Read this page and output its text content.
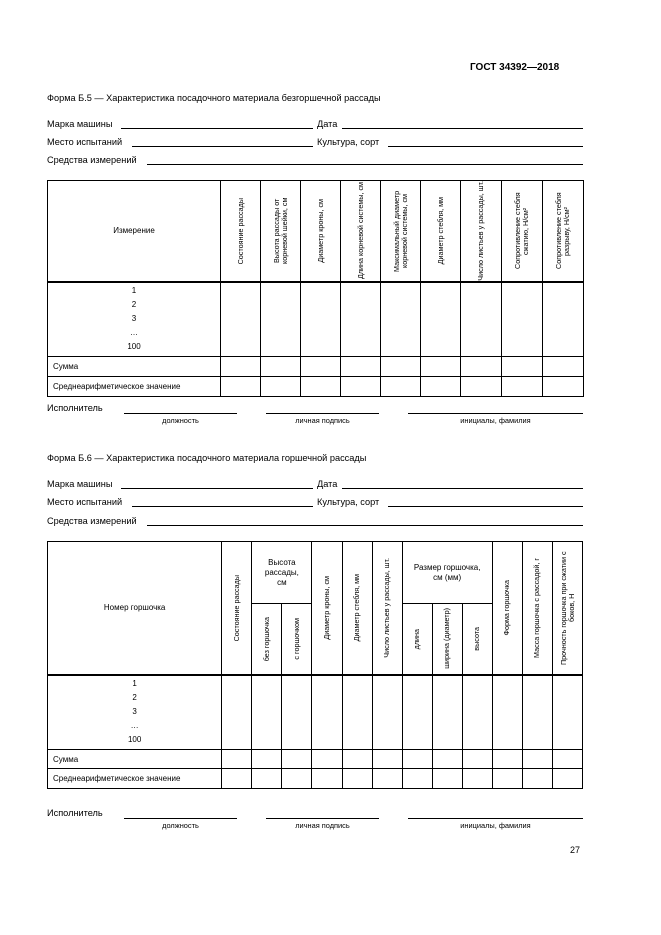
ГОСТ 34392—2018
Форма Б.5 — Характеристика посадочного материала безгоршечной рассады
Марка машины	Дата
Место испытаний	Культура, сорт
Средства измерений
Измерение	Состояние рассады	Высота рассады от корневой шейки, см	Диаметр кроны, см	Длина корневой системы, см	Максимальный диаметр корневой системы, см	Диаметр стебля, мм	Число листьев у рассады, шт.	Сопротивление стебля сжатию, Н/см²	Сопротивление стебля разрыву, Н/см²

1
2
3
…
100									

Сумма									
Среднеарифметическое значение									
Исполнитель
должность	личная подпись	инициалы, фамилия
Форма Б.6 — Характеристика посадочного материала горшечной рассады
Марка машины	Дата
Место испытаний	Культура, сорт
Средства измерений
Номер горшочка	Состояние рассады	Высота рассады, см		Диаметр кроны, см	Диаметр стебля, мм	Число листьев у рассады, шт.	Размер горшочка, см (мм)			Форма горшочка	Масса горшочка с рассадой, г	Прочность горшочка при сжатии с боков, Н

		без горшочка	с горшочком				длина	ширина (диаметр)	высота			

1
2
3
…
100												

Сумма												
Среднеарифметическое значение												
Исполнитель
должность	личная подпись	инициалы, фамилия
27
